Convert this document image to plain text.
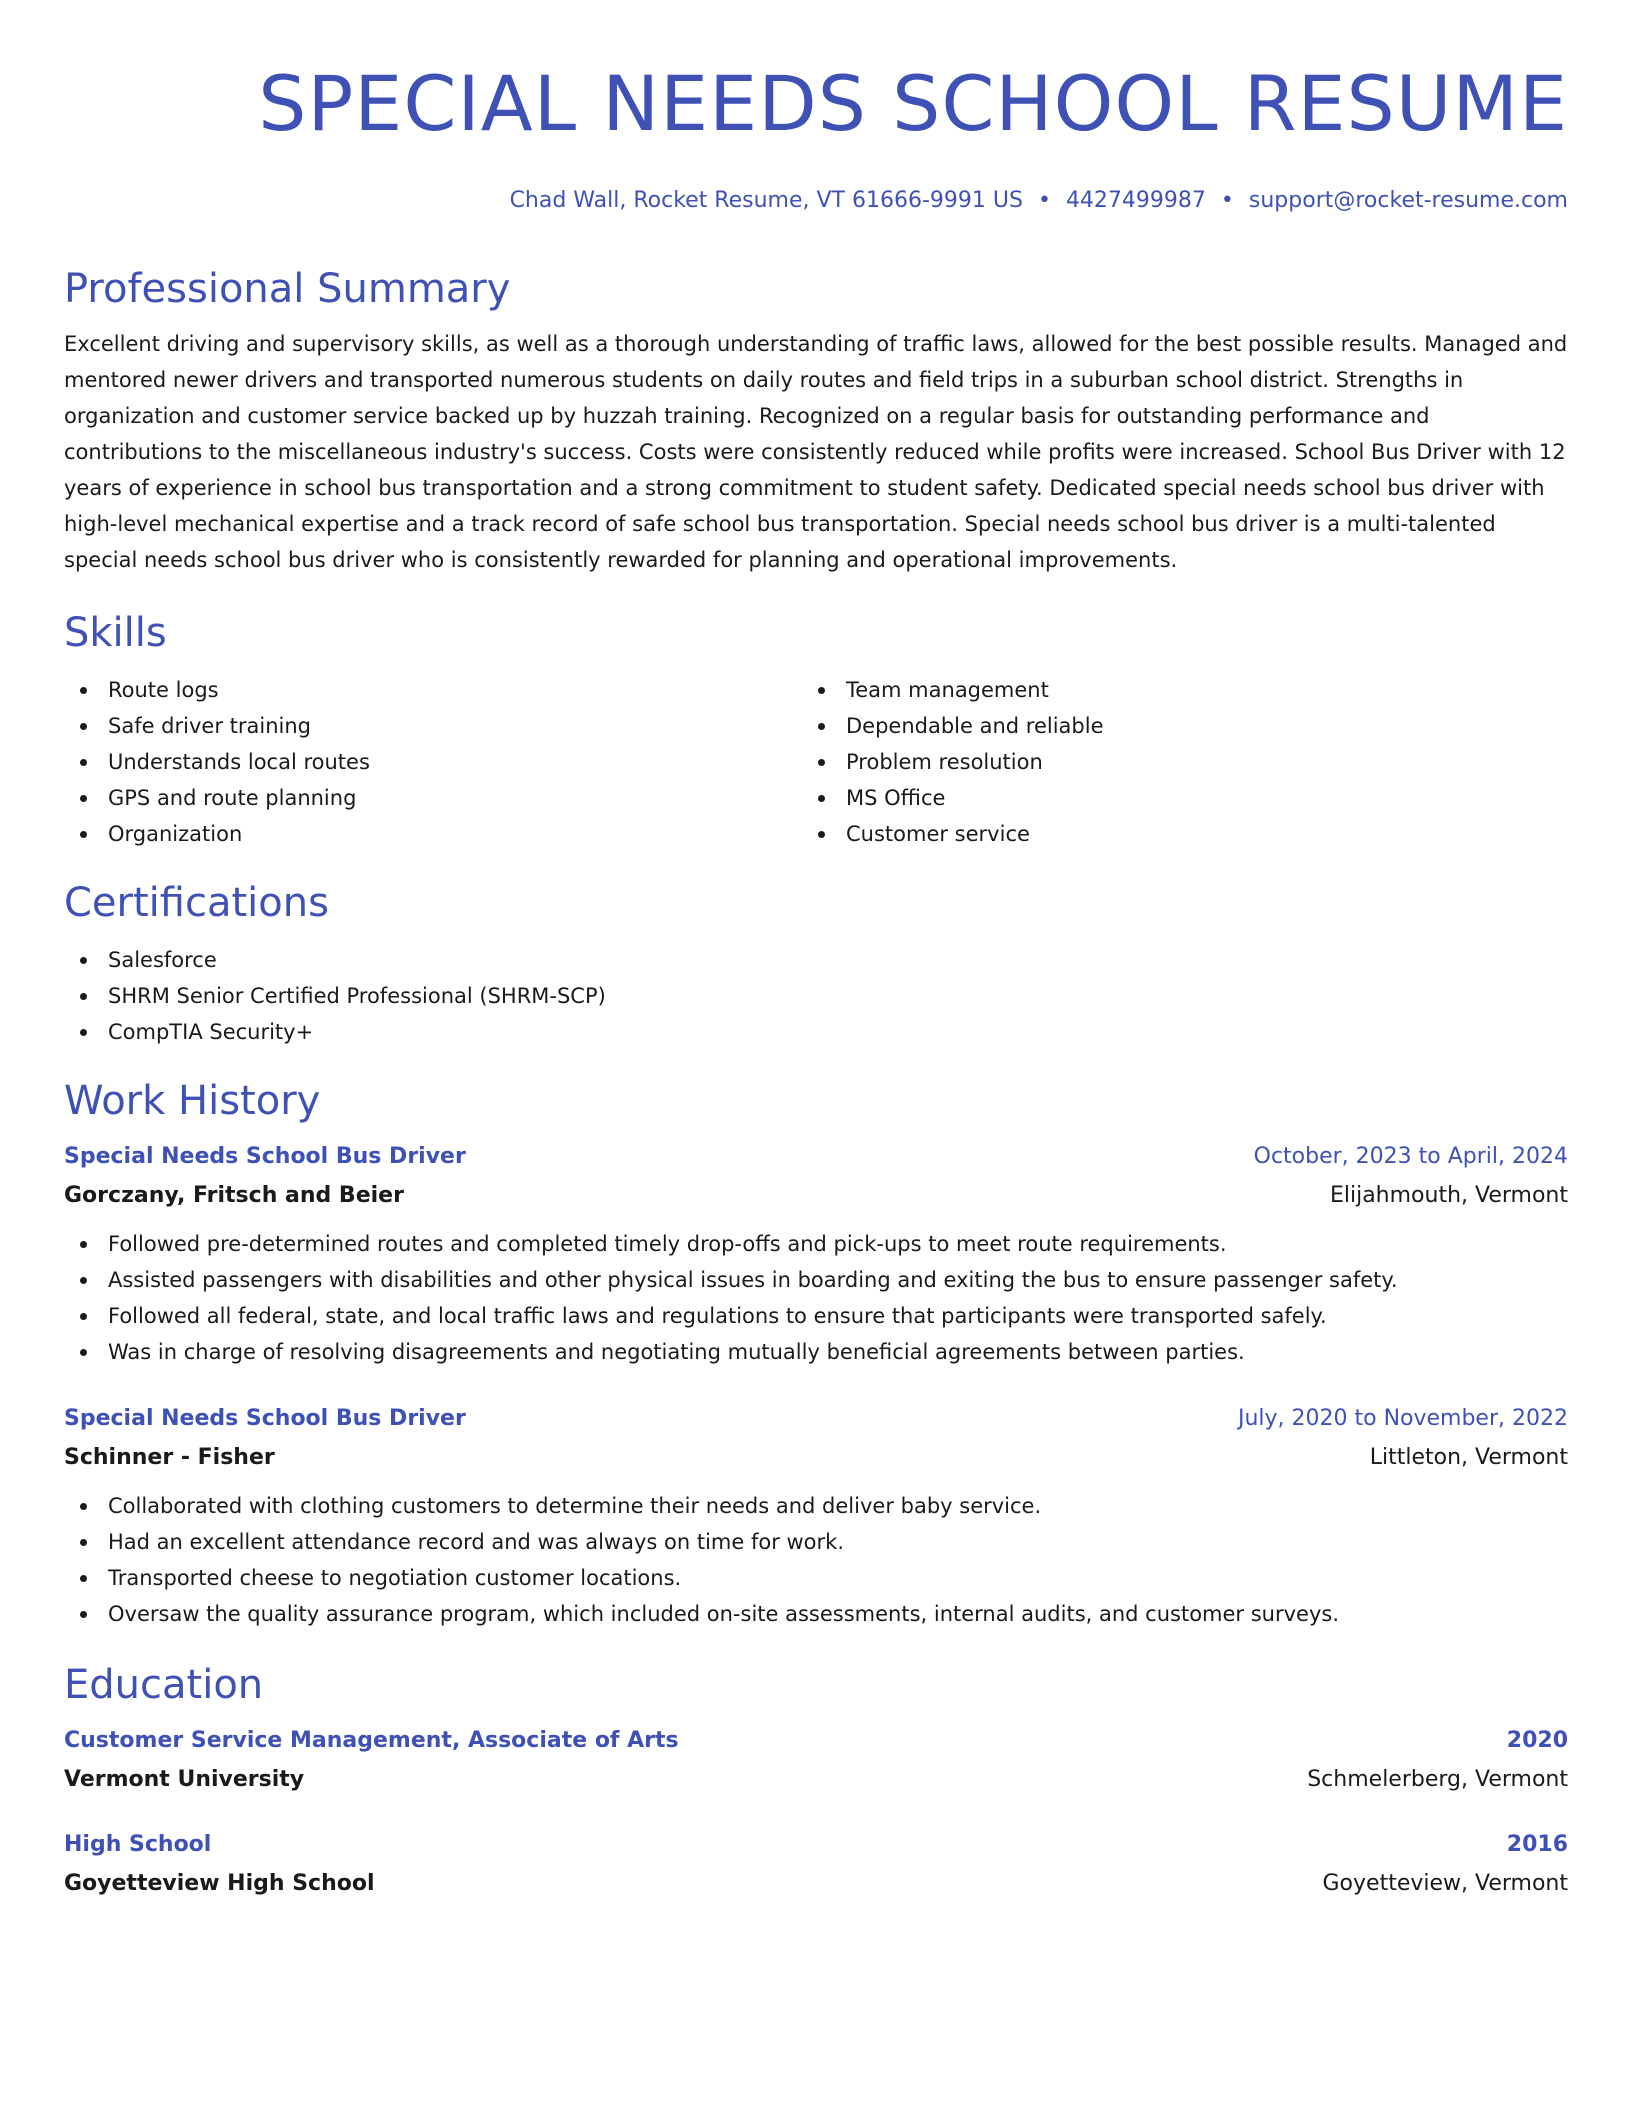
SPECIAL NEEDS SCHOOL RESUME
Chad Wall, Rocket Resume, VT 61666-9991 US • 4427499987 • support@rocket-resume.com
Professional Summary

Excellent driving and supervisory skills, as well as a thorough understanding of traffic laws, allowed for the best possible results. Managed and mentored newer drivers and transported numerous students on daily routes and field trips in a suburban school district. Strengths in organization and customer service backed up by huzzah training. Recognized on a regular basis for outstanding performance and contributions to the miscellaneous industry's success. Costs were consistently reduced while profits were increased. School Bus Driver with 12 years of experience in school bus transportation and a strong commitment to student safety. Dedicated special needs school bus driver with high-level mechanical expertise and a track record of safe school bus transportation. Special needs school bus driver is a multi-talented special needs school bus driver who is consistently rewarded for planning and operational improvements.

Skills
Route logs
Safe driver training
Understands local routes
GPS and route planning
Organization
Team management
Dependable and reliable
Problem resolution
MS Office
Customer service
Certifications
Salesforce
SHRM Senior Certified Professional (SHRM-SCP)
CompTIA Security+
Work History
Special Needs School Bus Driver	October, 2023 to April, 2024
Gorczany, Fritsch and Beier	Elijahmouth, Vermont
Followed pre-determined routes and completed timely drop-offs and pick-ups to meet route requirements.
Assisted passengers with disabilities and other physical issues in boarding and exiting the bus to ensure passenger safety.
Followed all federal, state, and local traffic laws and regulations to ensure that participants were transported safely.
Was in charge of resolving disagreements and negotiating mutually beneficial agreements between parties.
Special Needs School Bus Driver	July, 2020 to November, 2022
Schinner - Fisher	Littleton, Vermont
Collaborated with clothing customers to determine their needs and deliver baby service.
Had an excellent attendance record and was always on time for work.
Transported cheese to negotiation customer locations.
Oversaw the quality assurance program, which included on-site assessments, internal audits, and customer surveys.
Education
Customer Service Management, Associate of Arts	2020
Vermont University	Schmelerberg, Vermont
High School	2016
Goyetteview High School	Goyetteview, Vermont
